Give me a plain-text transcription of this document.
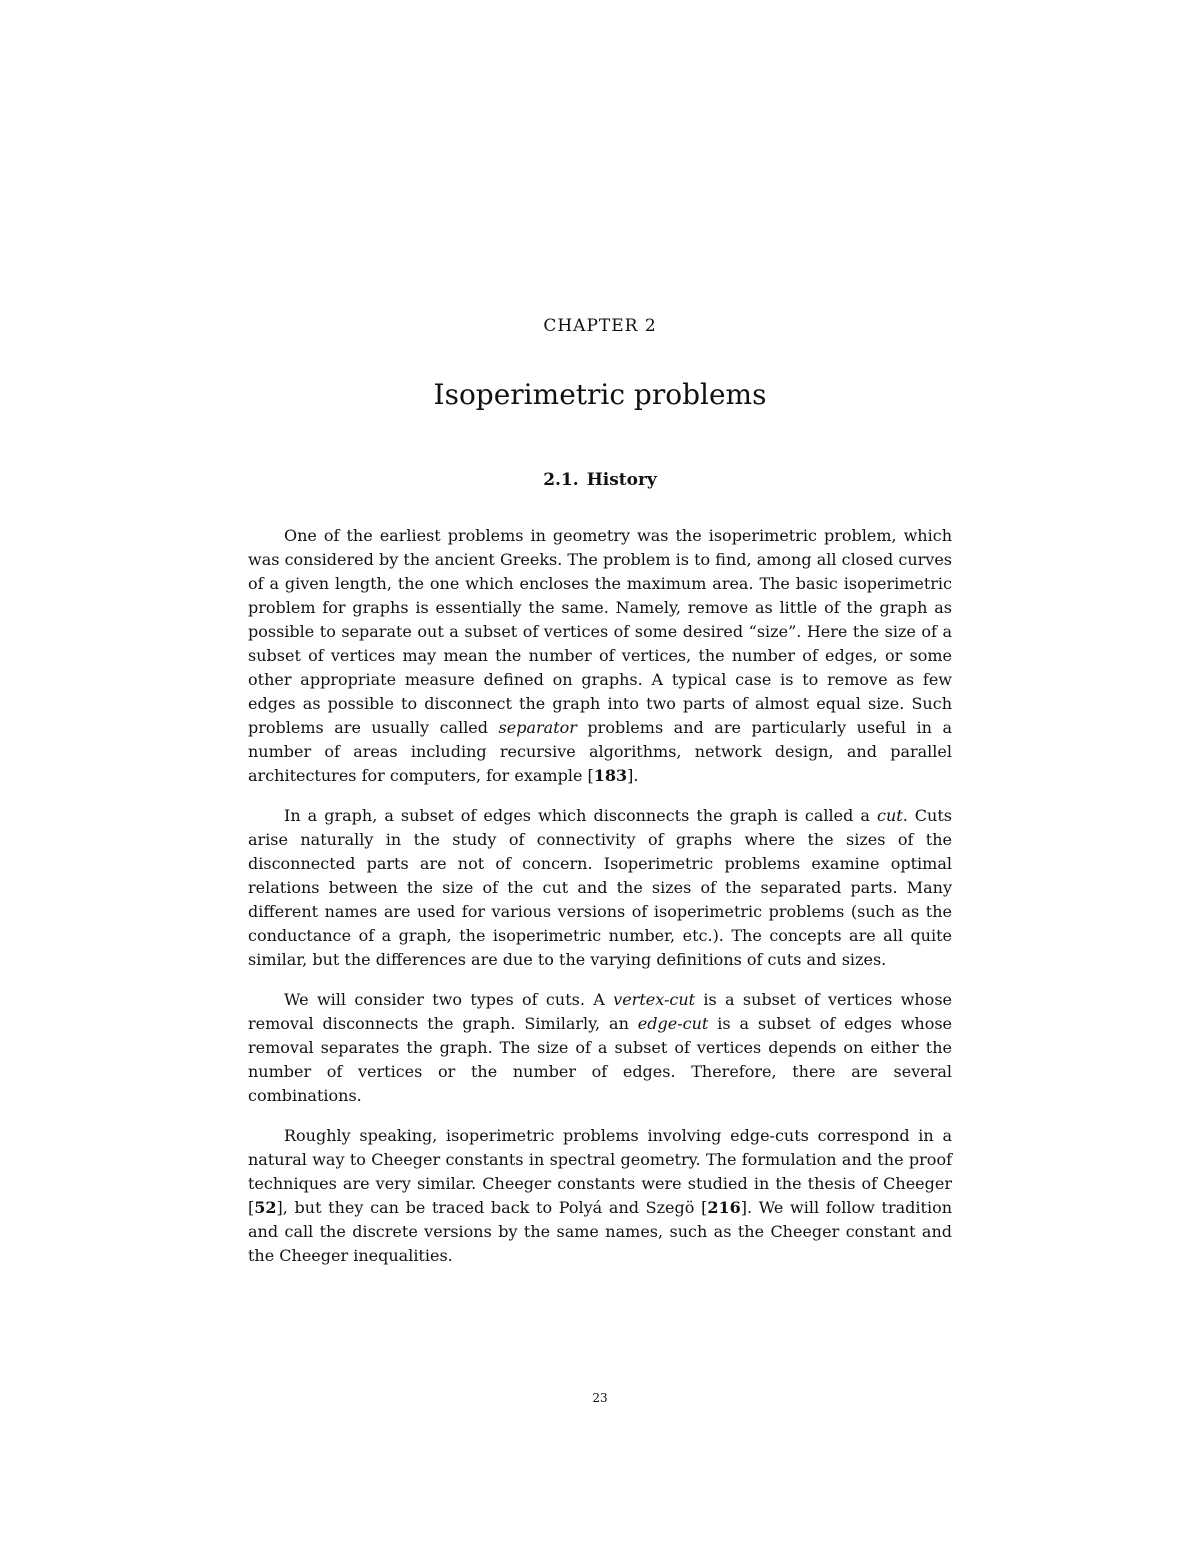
CHAPTER 2
Isoperimetric problems
2.1. History

One of the earliest problems in geometry was the isoperimetric problem, which was considered by the ancient Greeks. The problem is to find, among all closed curves of a given length, the one which encloses the maximum area. The basic isoperimetric problem for graphs is essentially the same. Namely, remove as little of the graph as possible to separate out a subset of vertices of some desired “size”. Here the size of a subset of vertices may mean the number of vertices, the number of edges, or some other appropriate measure defined on graphs. A typical case is to remove as few edges as possible to disconnect the graph into two parts of almost equal size. Such problems are usually called separator problems and are particularly useful in a number of areas including recursive algorithms, network design, and parallel architectures for computers, for example [183].

In a graph, a subset of edges which disconnects the graph is called a cut. Cuts arise naturally in the study of connectivity of graphs where the sizes of the disconnected parts are not of concern. Isoperimetric problems examine optimal relations between the size of the cut and the sizes of the separated parts. Many different names are used for various versions of isoperimetric problems (such as the conductance of a graph, the isoperimetric number, etc.). The concepts are all quite similar, but the differences are due to the varying definitions of cuts and sizes.

We will consider two types of cuts. A vertex-cut is a subset of vertices whose removal disconnects the graph. Similarly, an edge-cut is a subset of edges whose removal separates the graph. The size of a subset of vertices depends on either the number of vertices or the number of edges. Therefore, there are several combinations.

Roughly speaking, isoperimetric problems involving edge-cuts correspond in a natural way to Cheeger constants in spectral geometry. The formulation and the proof techniques are very similar. Cheeger constants were studied in the thesis of Cheeger [52], but they can be traced back to Polyá and Szegö [216]. We will follow tradition and call the discrete versions by the same names, such as the Cheeger constant and the Cheeger inequalities.

23
